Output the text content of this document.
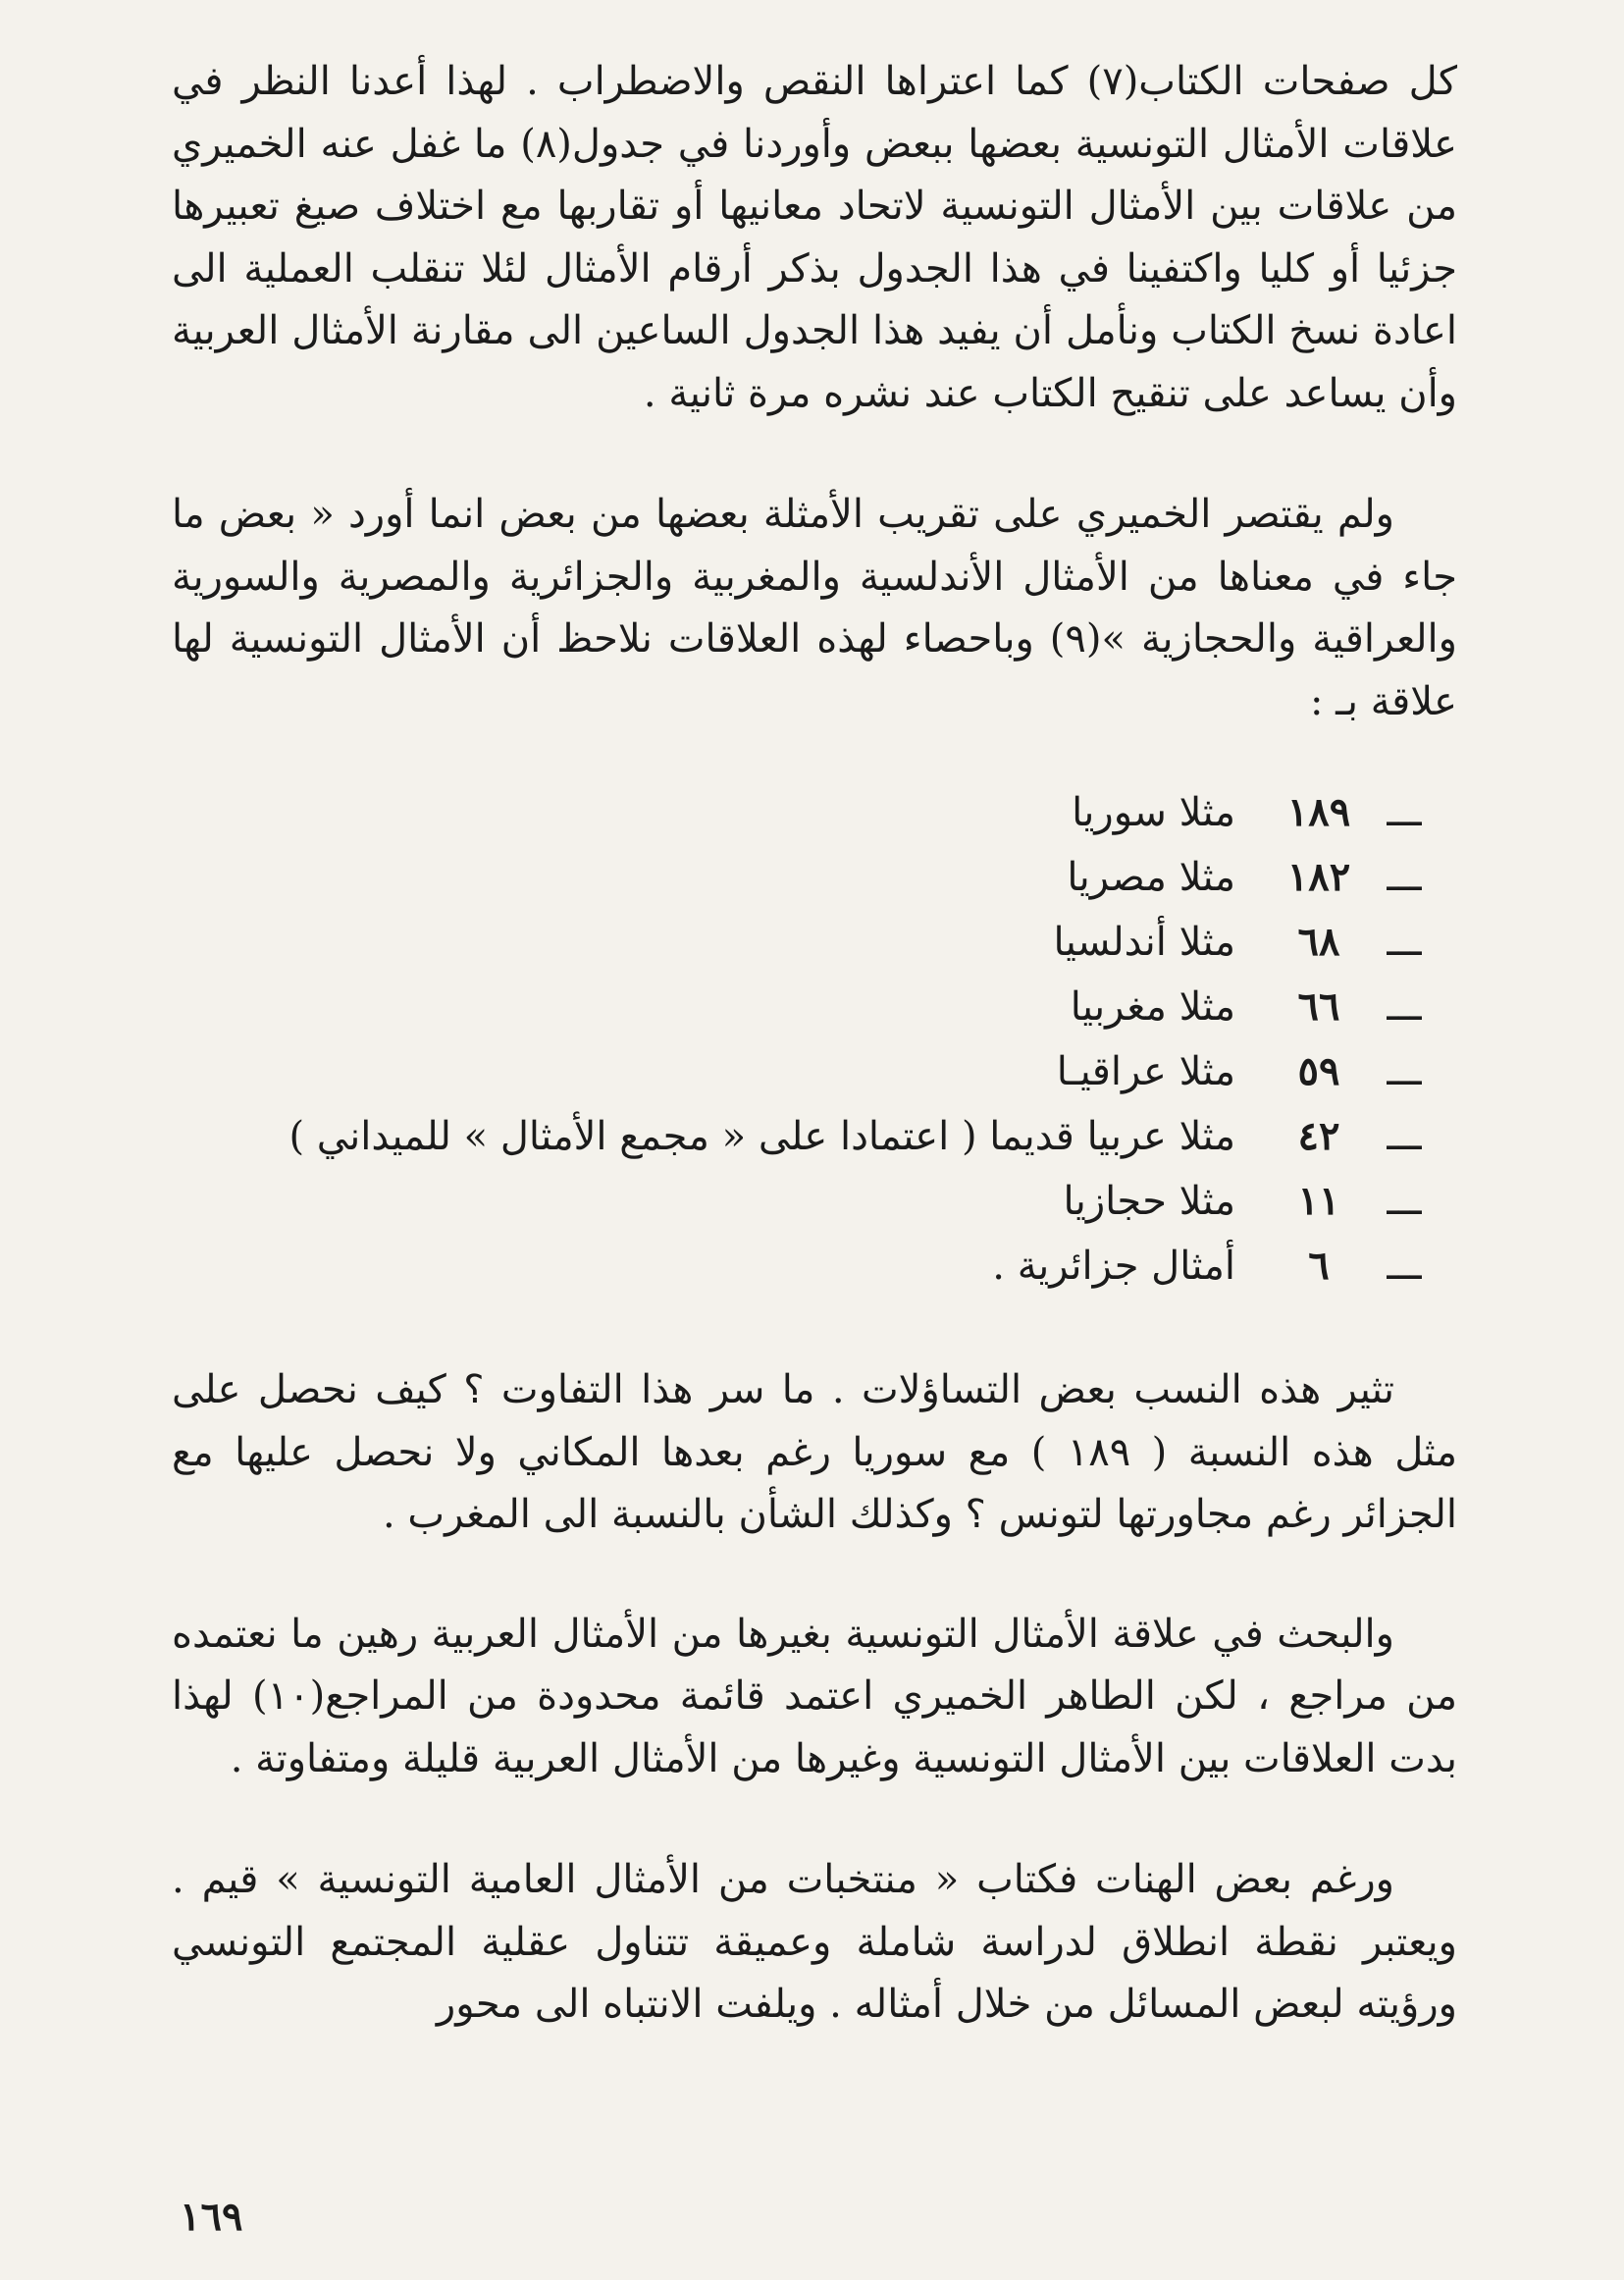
كل صفحات الكتاب(٧) كما اعتراها النقص والاضطراب . لهذا أعدنا النظر في علاقات الأمثال التونسية بعضها ببعض وأوردنا في جدول(٨) ما غفل عنه الخميري من علاقات بين الأمثال التونسية لاتحاد معانيها أو تقاربها مع اختلاف صيغ تعبيرها جزئيا أو كليا واكتفينا في هذا الجدول بذكر أرقام الأمثال لئلا تنقلب العملية الى اعادة نسخ الكتاب ونأمل أن يفيد هذا الجدول الساعين الى مقارنة الأمثال العربية وأن يساعد على تنقيح الكتاب عند نشره مرة ثانية .

ولم يقتصر الخميري على تقريب الأمثلة بعضها من بعض انما أورد « بعض ما جاء في معناها من الأمثال الأندلسية والمغربية والجزائرية والمصرية والسورية والعراقية والحجازية »(٩) وباحصاء لهذه العلاقات نلاحظ أن الأمثال التونسية لها علاقة بـ :

ـــ
١٨٩
مثلا سوريا
ـــ
١٨٢
مثلا مصريا
ـــ
٦٨
مثلا أندلسيا
ـــ
٦٦
مثلا مغربيا
ـــ
٥٩
مثلا عراقيـا
ـــ
٤٢
مثلا عربيا قديما ( اعتمادا على « مجمع الأمثال » للميداني )
ـــ
١١
مثلا حجازيا
ـــ
٦
أمثال جزائرية .

تثير هذه النسب بعض التساؤلات . ما سر هذا التفاوت ؟ كيف نحصل على مثل هذه النسبة ( ١٨٩ ) مع سوريا رغم بعدها المكاني ولا نحصل عليها مع الجزائر رغم مجاورتها لتونس ؟ وكذلك الشأن بالنسبة الى المغرب .

والبحث في علاقة الأمثال التونسية بغيرها من الأمثال العربية رهين ما نعتمده من مراجع ، لكن الطاهر الخميري اعتمد قائمة محدودة من المراجع(١٠) لهذا بدت العلاقات بين الأمثال التونسية وغيرها من الأمثال العربية قليلة ومتفاوتة .

ورغم بعض الهنات فكتاب « منتخبات من الأمثال العامية التونسية » قيم . ويعتبر نقطة انطلاق لدراسة شاملة وعميقة تتناول عقلية المجتمع التونسي ورؤيته لبعض المسائل من خلال أمثاله . ويلفت الانتباه الى محور

١٦٩
